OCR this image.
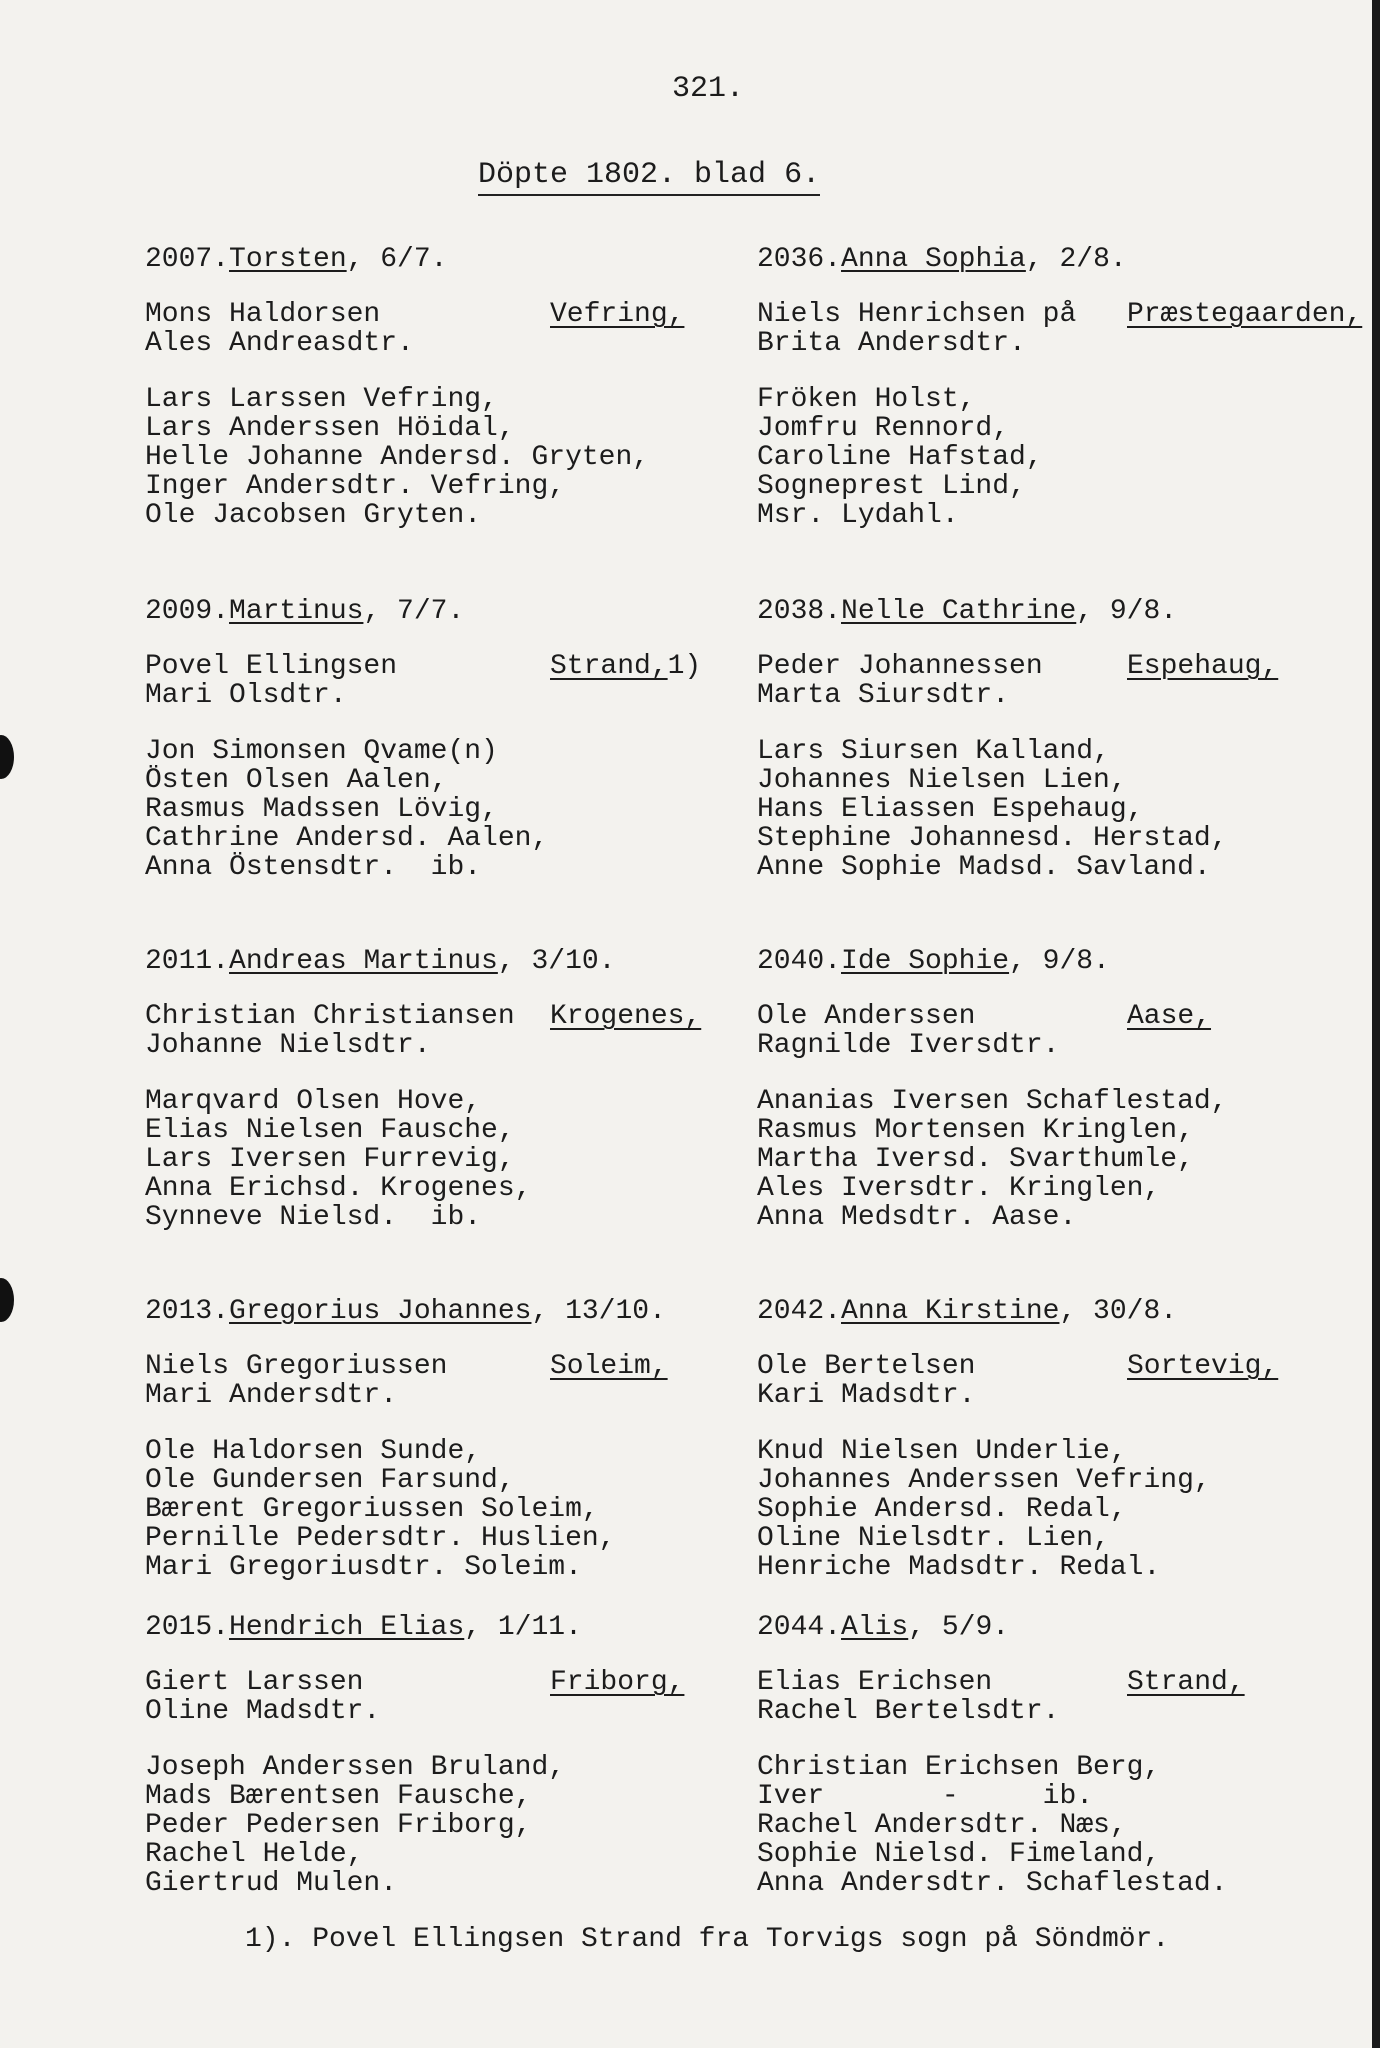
321.
Döpte 1802. blad 6.
2007.Torsten, 6/7.
Mons Haldorsen
Ales Andreasdtr.
Vefring,
Lars Larssen Vefring,
Lars Anderssen Höidal,
Helle Johanne Andersd. Gryten,
Inger Andersdtr. Vefring,
Ole Jacobsen Gryten.
2009.Martinus, 7/7.
Povel Ellingsen
Mari Olsdtr.
Strand,1)
Jon Simonsen Qvame(n)
Östen Olsen Aalen,
Rasmus Madssen Lövig,
Cathrine Andersd. Aalen,
Anna Östensdtr.  ib.
2011.Andreas Martinus, 3/10.
Christian Christiansen
Johanne Nielsdtr.
Krogenes,
Marqvard Olsen Hove,
Elias Nielsen Fausche,
Lars Iversen Furrevig,
Anna Erichsd. Krogenes,
Synneve Nielsd.  ib.
2013.Gregorius Johannes, 13/10.
Niels Gregoriussen
Mari Andersdtr.
Soleim,
Ole Haldorsen Sunde,
Ole Gundersen Farsund,
Bærent Gregoriussen Soleim,
Pernille Pedersdtr. Huslien,
Mari Gregoriusdtr. Soleim.
2015.Hendrich Elias, 1/11.
Giert Larssen
Oline Madsdtr.
Friborg,
Joseph Anderssen Bruland,
Mads Bærentsen Fausche,
Peder Pedersen Friborg,
Rachel Helde,
Giertrud Mulen.
2036.Anna Sophia, 2/8.
Niels Henrichsen på
Brita Andersdtr.
Præstegaarden,
Fröken Holst,
Jomfru Rennord,
Caroline Hafstad,
Sognеprest Lind,
Msr. Lydahl.
2038.Nelle Cathrine, 9/8.
Peder Johannessen
Marta Siursdtr.
Espehaug,
Lars Siursen Kalland,
Johannes Nielsen Lien,
Hans Eliassen Espehaug,
Stephine Johannesd. Herstad,
Anne Sophie Madsd. Savland.
2040.Ide Sophie, 9/8.
Ole Anderssen
Ragnilde Iversdtr.
Aase,
Ananias Iversen Schaflestad,
Rasmus Mortensen Kringlen,
Martha Iversd. Svarthumle,
Ales Iversdtr. Kringlen,
Anna Medsdtr. Aase.
2042.Anna Kirstine, 30/8.
Ole Bertelsen
Kari Madsdtr.
Sortevig,
Knud Nielsen Underlie,
Johannes Anderssen Vefring,
Sophie Andersd. Redal,
Oline Nielsdtr. Lien,
Henriche Madsdtr. Redal.
2044.Alis, 5/9.
Elias Erichsen
Rachel Bertelsdtr.
Strand,
Christian Erichsen Berg,
Iver       -     ib.
Rachel Andersdtr. Næs,
Sophie Nielsd. Fimeland,
Anna Andersdtr. Schaflestad.
1). Povel Ellingsen Strand fra Torvigs sogn på Söndmör.
